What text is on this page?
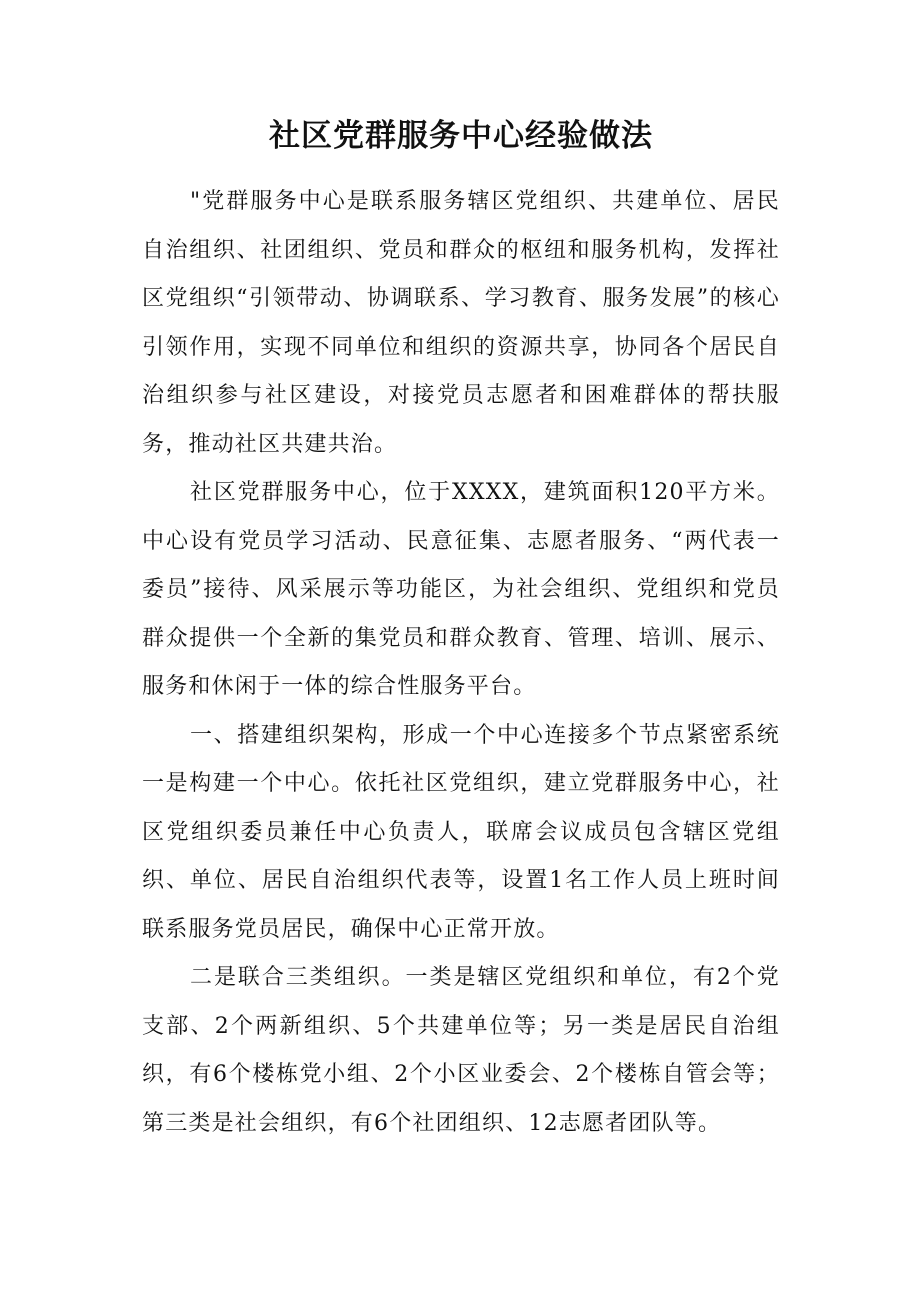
社区党群服务中心经验做法

"党群服务中心是联系服务辖区党组织、共建单位、居民自治组织、社团组织、党员和群众的枢纽和服务机构，发挥社区党组织“引领带动、协调联系、学习教育、服务发展”的核心引领作用，实现不同单位和组织的资源共享，协同各个居民自治组织参与社区建设，对接党员志愿者和困难群体的帮扶服务，推动社区共建共治。

社区党群服务中心，位于XXXX，建筑面积120平方米。中心设有党员学习活动、民意征集、志愿者服务、“两代表一委员”接待、风采展示等功能区，为社会组织、党组织和党员群众提供一个全新的集党员和群众教育、管理、培训、展示、服务和休闲于一体的综合性服务平台。

一、搭建组织架构，形成一个中心连接多个节点紧密系统 一是构建一个中心。依托社区党组织，建立党群服务中心，社区党组织委员兼任中心负责人，联席会议成员包含辖区党组织、单位、居民自治组织代表等，设置1名工作人员上班时间联系服务党员居民，确保中心正常开放。

二是联合三类组织。一类是辖区党组织和单位，有2个党支部、2个两新组织、5个共建单位等；另一类是居民自治组织，有6个楼栋党小组、2个小区业委会、2个楼栋自管会等；第三类是社会组织，有6个社团组织、12志愿者团队等。
